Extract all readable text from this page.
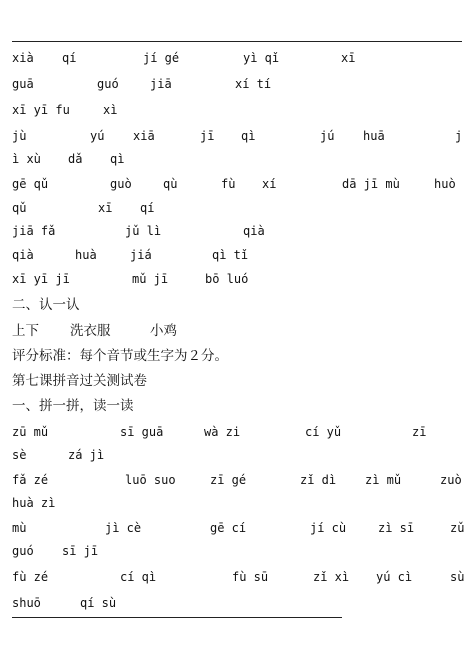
xià qí	jí gé	yì qǐ	xī
guā	guó	jiā	xí tí
xī yī fu	xì
jù	yú xiā	jī qì	jú huā	j
ì xù dǎ qì
gē qǔ	guò	qù	fù xí	dā jī mù	huò
qǔ	xī qí
jiā fǎ	jǔ lì	qià
qià	huà	jiá	qì tǐ
xī yī jī	mǔ jī	bō luó
二、认一认
上下 洗衣服	小鸡
评分标准：每个音节或生字为２分。
第七课拼音过关测试卷
一、拼一拼，读一读
zū mǔ	sī guā	wà zi	cí yǔ	zī
sè	zá jì
fǎ zé	luō suo	zī gé	zǐ dì zì mǔ	zuò
huà zì
mù	jì cè	gē cí	jí cù	zì sī	zǔ
guó sī jī
fù zé	cí qì	fù sū	zǐ xì yú cì	sù
shuō	qí sù
